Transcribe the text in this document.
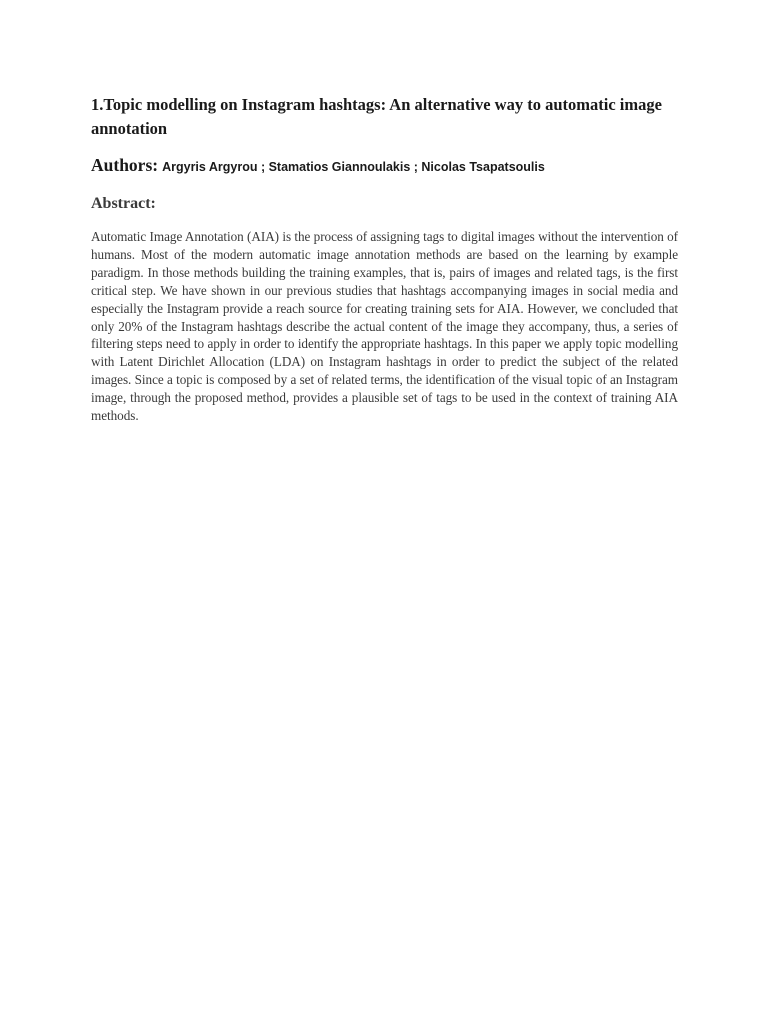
1.Topic modelling on Instagram hashtags: An alternative way to automatic image annotation
Authors: Argyris Argyrou ; Stamatios Giannoulakis ; Nicolas Tsapatsoulis
Abstract:

Automatic Image Annotation (AIA) is the process of assigning tags to digital images without the intervention of humans. Most of the modern automatic image annotation methods are based on the learning by example paradigm. In those methods building the training examples, that is, pairs of images and related tags, is the first critical step. We have shown in our previous studies that hashtags accompanying images in social media and especially the Instagram provide a reach source for creating training sets for AIA. However, we concluded that only 20% of the Instagram hashtags describe the actual content of the image they accompany, thus, a series of filtering steps need to apply in order to identify the appropriate hashtags. In this paper we apply topic modelling with Latent Dirichlet Allocation (LDA) on Instagram hashtags in order to predict the subject of the related images. Since a topic is composed by a set of related terms, the identification of the visual topic of an Instagram image, through the proposed method, provides a plausible set of tags to be used in the context of training AIA methods.
